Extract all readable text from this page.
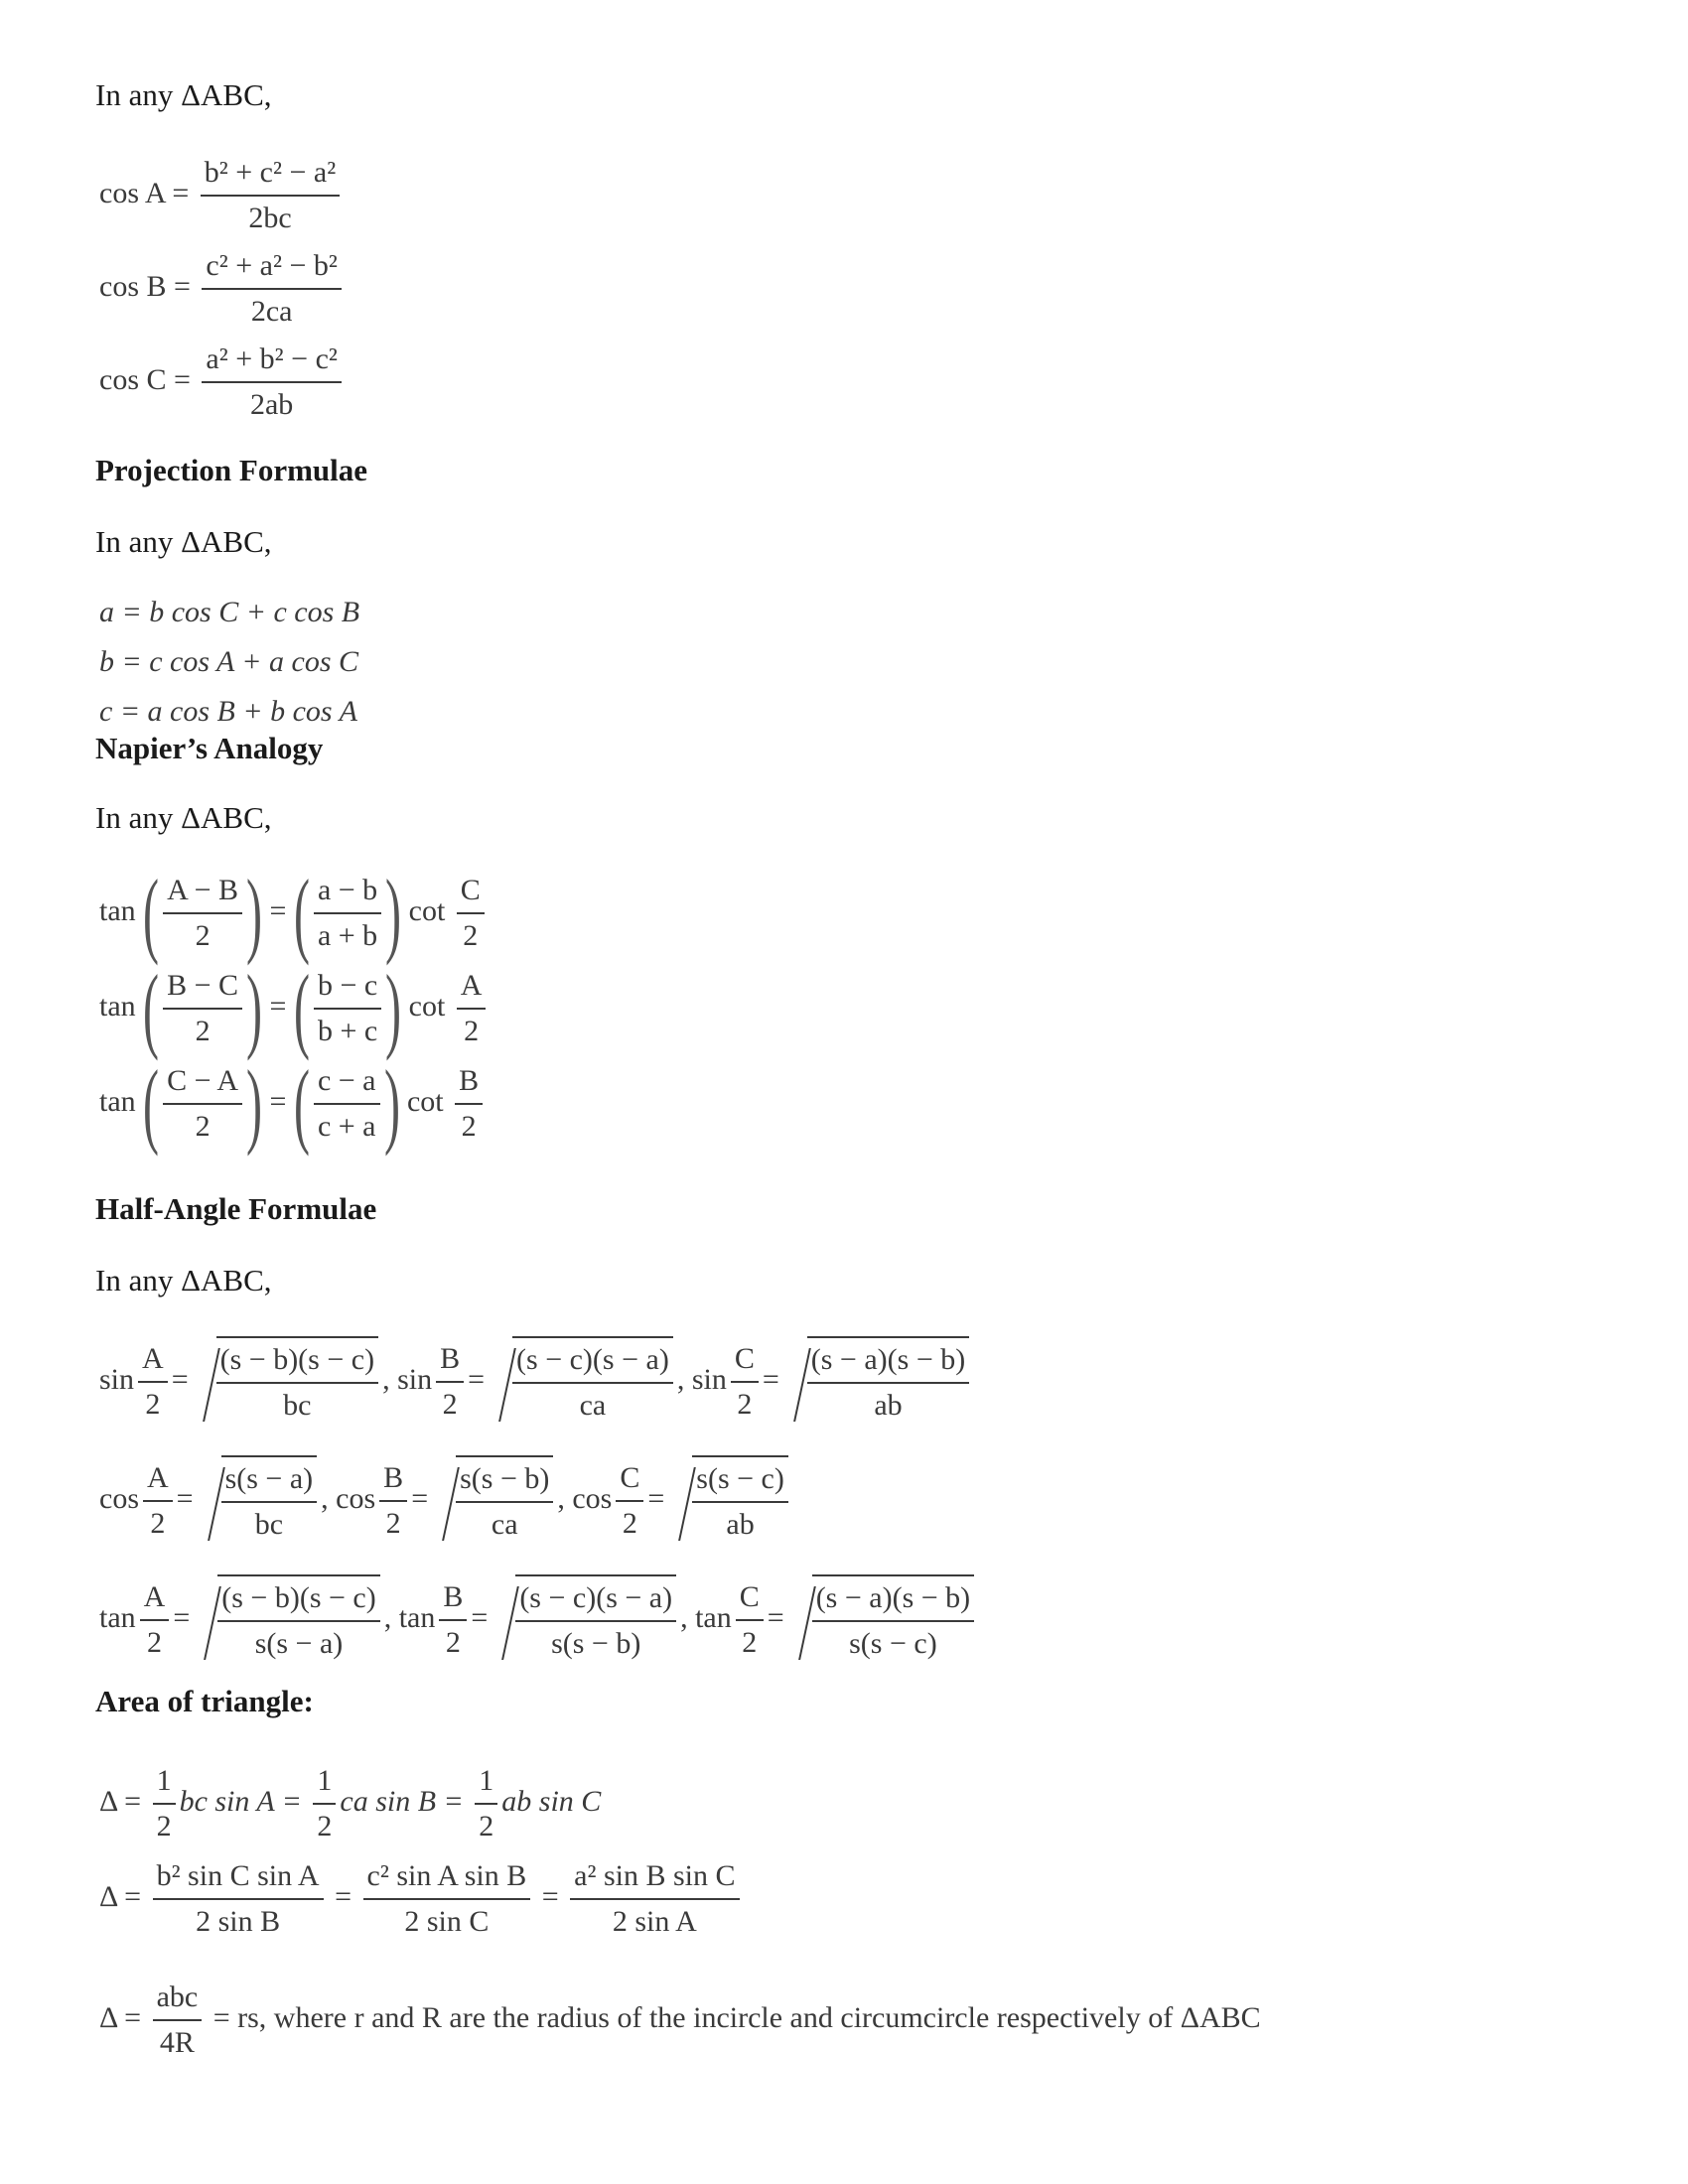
In any ΔABC,
$\cos A = \frac{\text{b² + c² − a²}}{2bc}$
$\cos B = \frac{\text{c² + a² − b²}}{2ca}$
$\cos C = \frac{\text{a² + b² − c²}}{2ab}$
Projection Formulae
In any ΔABC,
a = b cos C + c cos B
b = c cos A + a cos C
c = a cos B + b cos A
Napier’s Analogy
In any ΔABC,
tan ( $\frac{A - B}{2}$ ) = ( $\frac{a - b}{a + b}$ ) $\cot \frac{C}{2}$
tan ( $\frac{B - C}{2}$ ) = ( $\frac{b - c}{b + c}$ ) $\cot \frac{A}{2}$
tan ( $\frac{C - A}{2}$ ) = ( $\frac{c - a}{c + a}$ ) $\cot \frac{B}{2}$
Half-Angle Formulae
In any ΔABC,
$\sin \frac{A}{2} = \frac{(s - b)(s - c)}{bc}$ , $\sin \frac{B}{2} = \frac{(s - c)(s - a)}{ca}$ , $\sin \frac{C}{2} = \frac{(s - a)(s - b)}{ab}$
$\cos \frac{A}{2} = \frac{s(s - a)}{bc}$ , $\cos \frac{B}{2} = \frac{s(s - b)}{ca}$ , $\cos \frac{C}{2} = \frac{s(s - c)}{ab}$
$\tan \frac{A}{2} = \frac{(s - b)(s - c)}{s(s - a)}$ , $\tan \frac{B}{2} = \frac{(s - c)(s - a)}{s(s - b)}$ , $\tan \frac{C}{2} = \frac{(s - a)(s - b)}{s(s - c)}$
Area of triangle:
$\Delta = \frac{1}{2}$ bc $\sin A = \frac{1}{2}$ ca $\sin B = \frac{1}{2}$ ab sin C
$\Delta = \frac{\text{b² sin C sin A}}{\text{2 sin B}} = \frac{\text{c² sin A sin B}}{\text{2 sin C}} = \frac{\text{a² sin B sin C}}{\text{2 sin A}}$
$\Delta = \frac{\text{abc}}{4R}$ = rs, where r and R are the radius of the incircle and circumcircle respectively of ΔABC
